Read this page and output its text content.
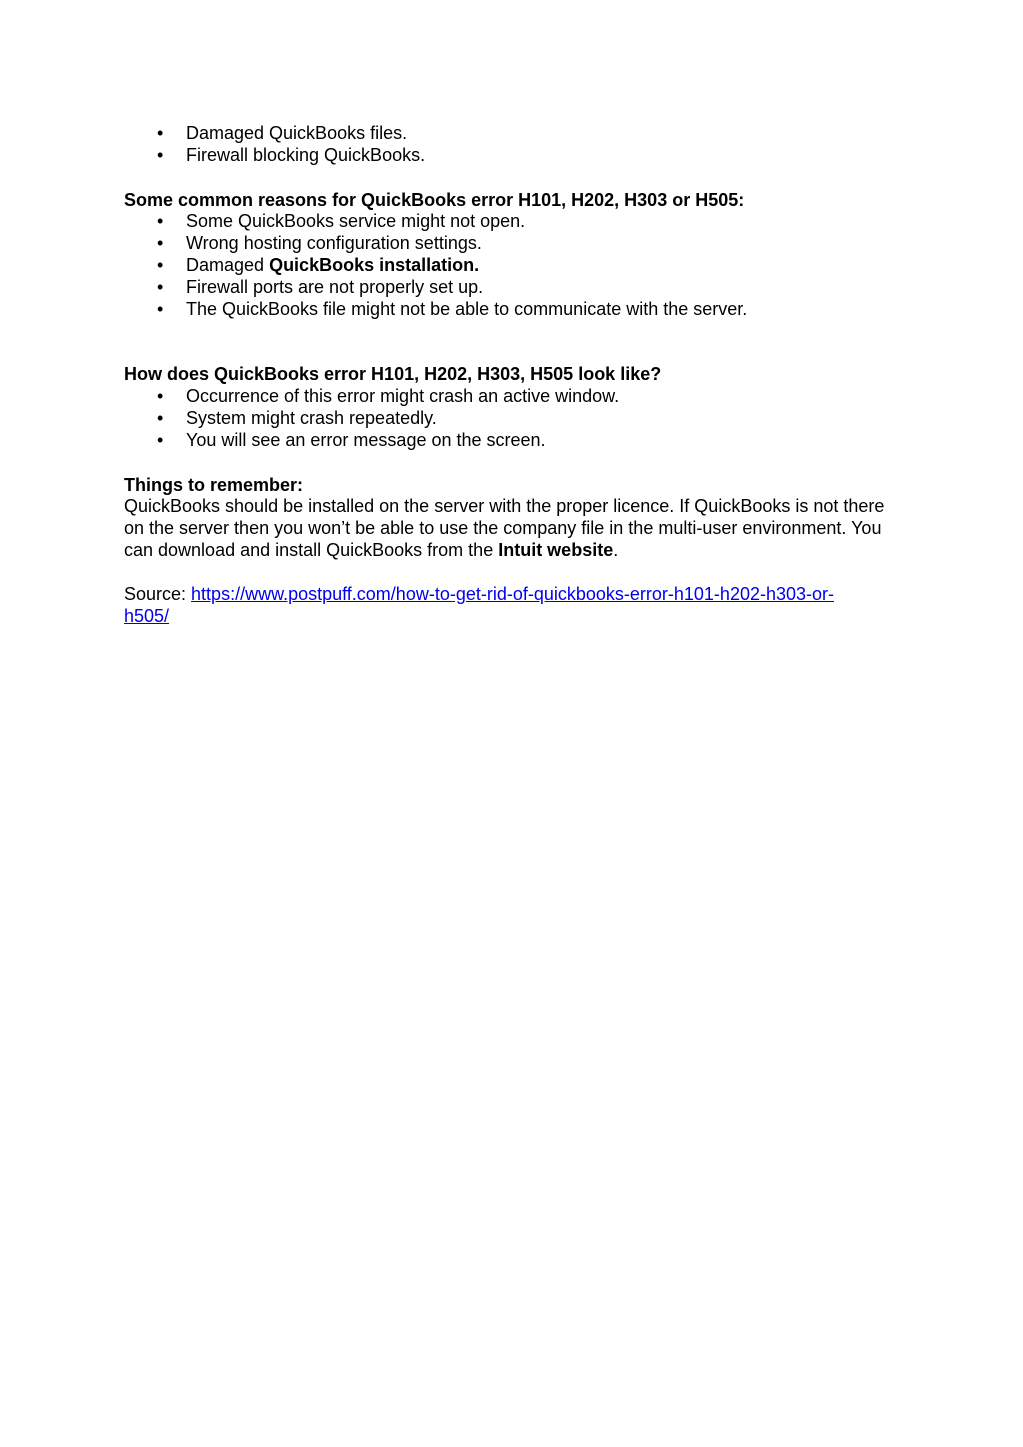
• Damaged QuickBooks files.
• Firewall blocking QuickBooks.
Some common reasons for QuickBooks error H101, H202, H303 or H505:
• Some QuickBooks service might not open.
• Wrong hosting configuration settings.
• Damaged QuickBooks installation.
• Firewall ports are not properly set up.
• The QuickBooks file might not be able to communicate with the server.
How does QuickBooks error H101, H202, H303, H505 look like?
• Occurrence of this error might crash an active window.
• System might crash repeatedly.
• You will see an error message on the screen.
Things to remember:
QuickBooks should be installed on the server with the proper licence. If QuickBooks is not there on the server then you won’t be able to use the company file in the multi-user environment. You can download and install QuickBooks from the Intuit website.
Source: https://www.postpuff.com/how-to-get-rid-of-quickbooks-error-h101-h202-h303-or-
h505/
